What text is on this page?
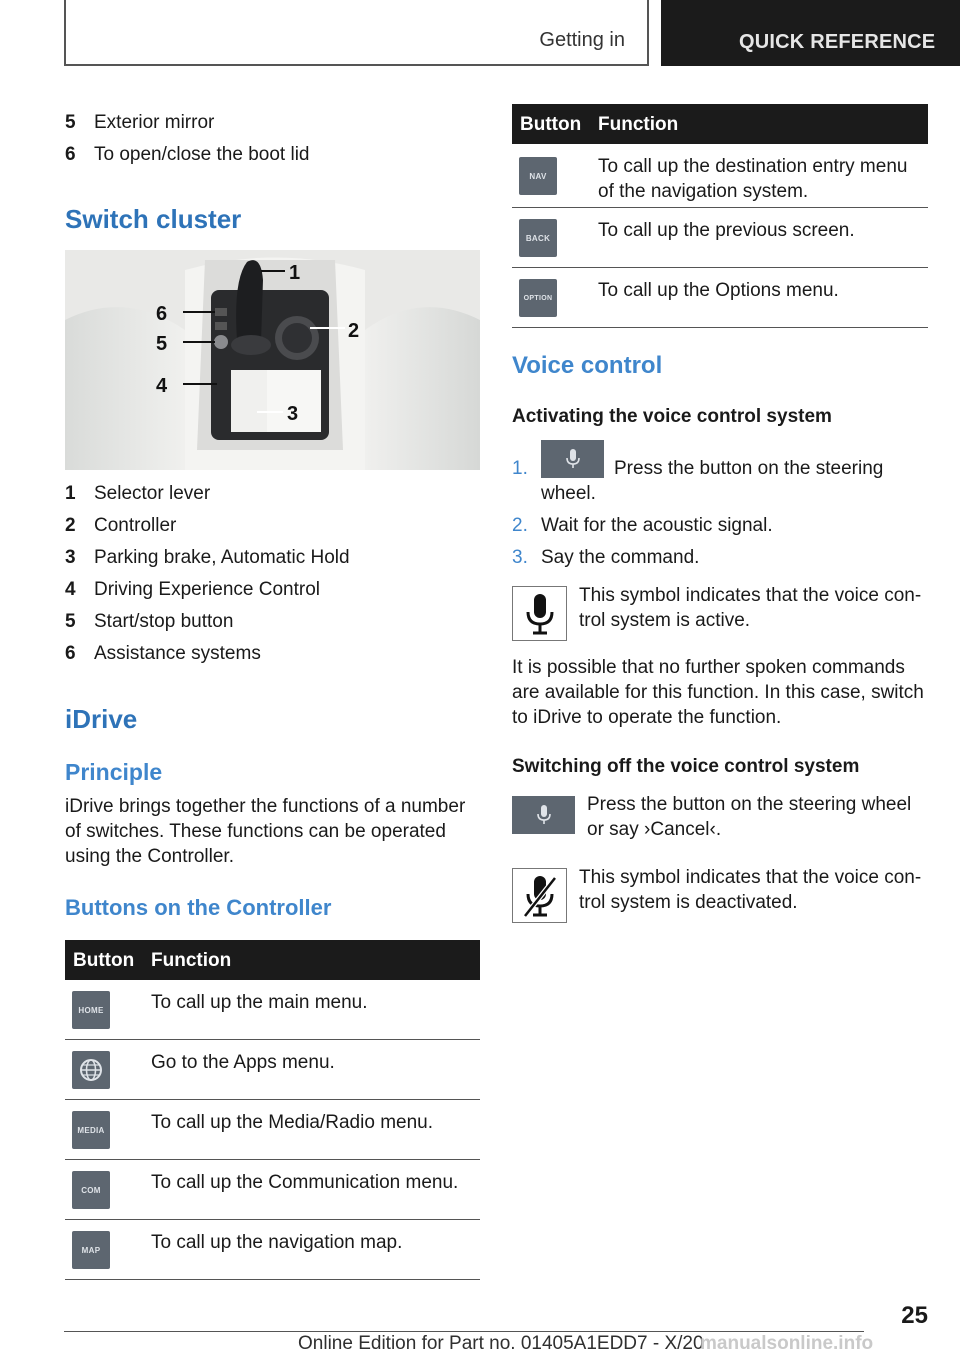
Getting in	QUICK REFERENCE
5 Exterior mirror
6 To open/close the boot lid
Switch cluster
1
2
3
4
5
6
1 Selector lever
2 Controller
3 Parking brake, Automatic Hold
4 Driving Experience Control
5 Start/stop button
6 Assistance systems
iDrive
Principle
iDrive brings together the functions of a number
of switches. These functions can be operated
using the Controller.
Buttons on the Controller
Button Function
HOME	To call up the main menu.
Go to the Apps menu.
MEDIA To call up the Media/Radio menu.
COM	To call up the Communication menu.
MAP	To call up the navigation map.
Button Function
NAV	To call up the destination entry menu
of the navigation system.
BACK	To call up the previous screen.
OPTION To call up the Options menu.
Voice control
Activating the voice control system
1.	Press the button on the steering
wheel.
2. Wait for the acoustic signal.
3. Say the command.
This symbol indicates that the voice con‐
trol system is active.
It is possible that no further spoken commands
are available for this function. In this case, switch
to iDrive to operate the function.
Switching off the voice control system
Press the button on the steering wheel
or say ›Cancel‹.
This symbol indicates that the voice con‐
trol system is deactivated.
25
Online Edition for Part no. 01405A1EDD7 - X/20
manualsonline.info
